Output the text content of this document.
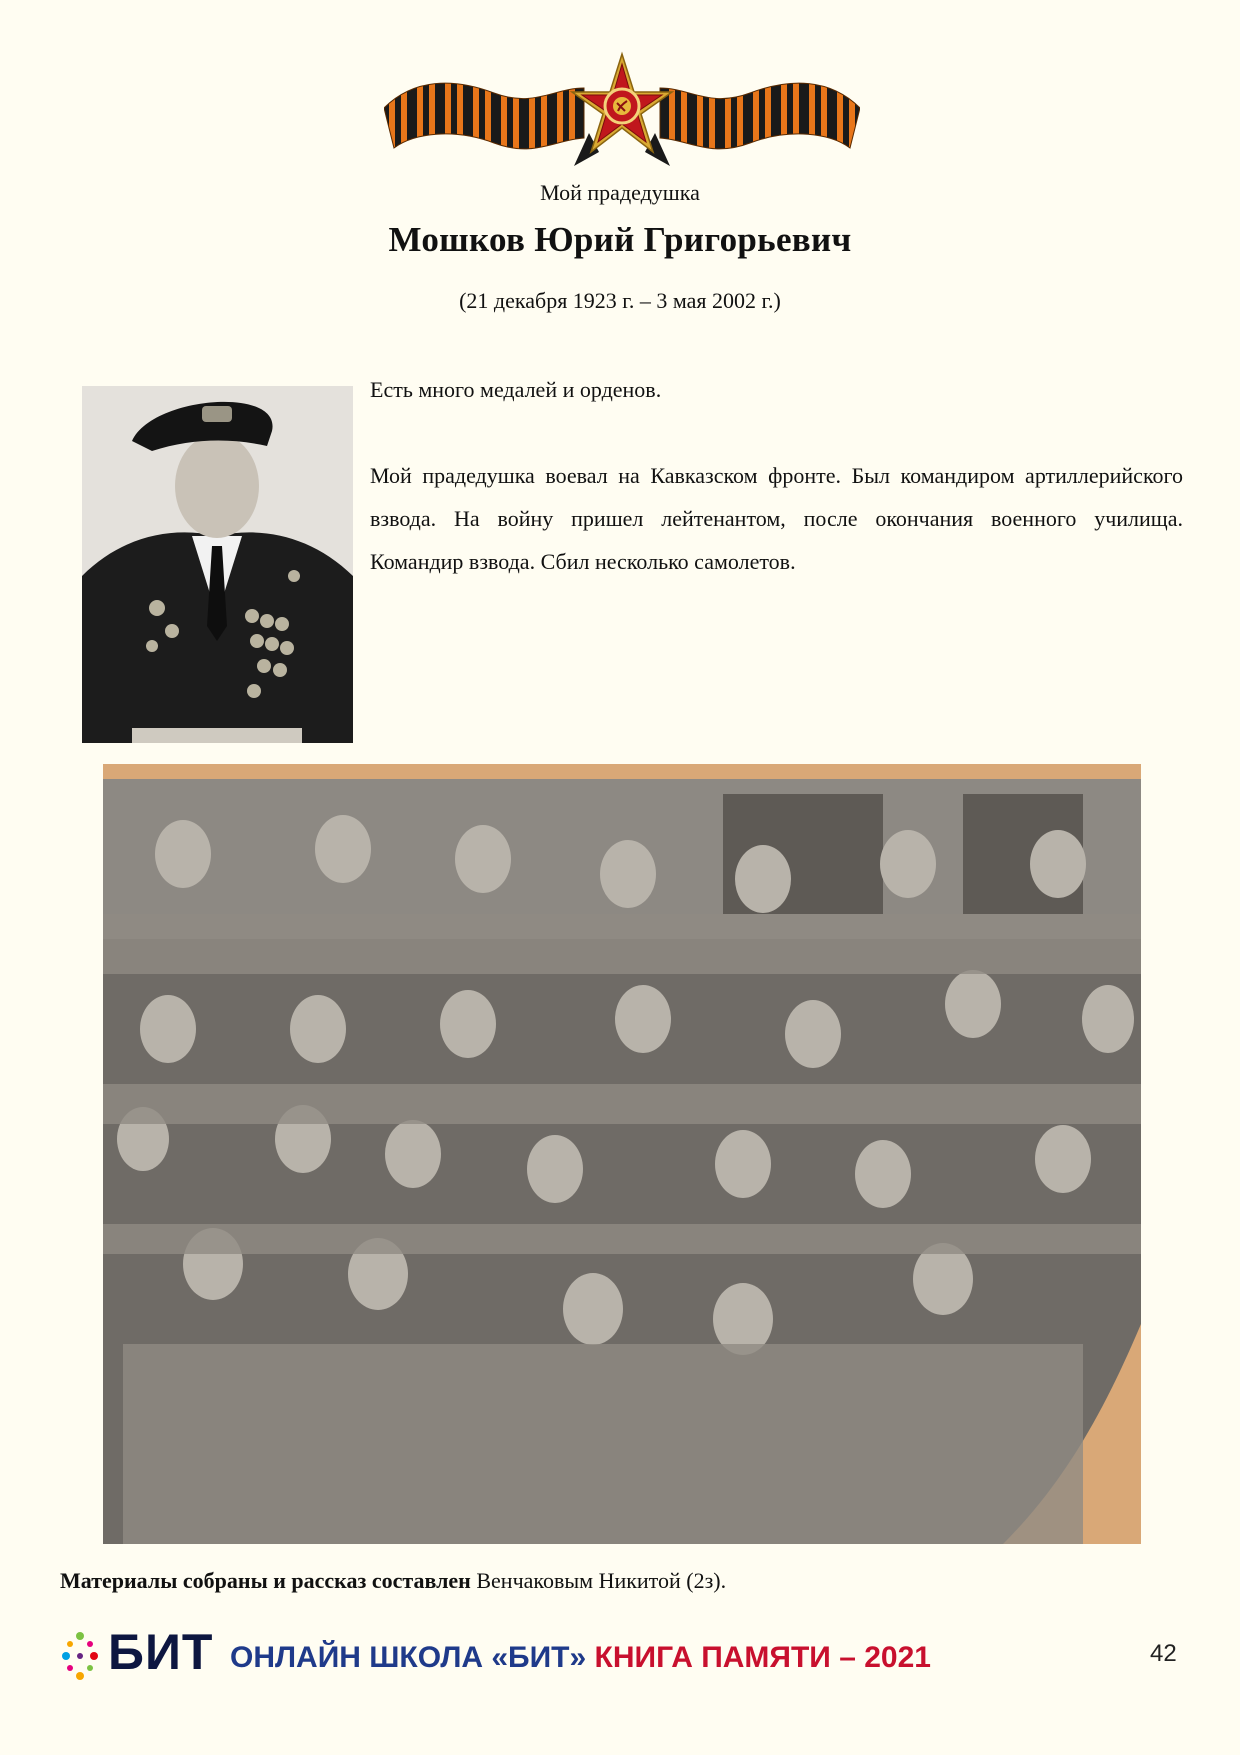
Мой прадедушка
Мошков Юрий Григорьевич
(21 декабря 1923 г. – 3 мая 2002 г.)
Есть много медалей и орденов.
Мой прадедушка воевал на Кавказском фронте. Был командиром артиллерийского взвода. На войну пришел лейтенантом, после окончания военного училища. Командир взвода. Сбил несколько самолетов.
Материалы собраны и рассказ составлен Венчаковым Никитой (2з).
БИТ ОНЛАЙН ШКОЛА «БИТ» КНИГА ПАМЯТИ – 2021	42
